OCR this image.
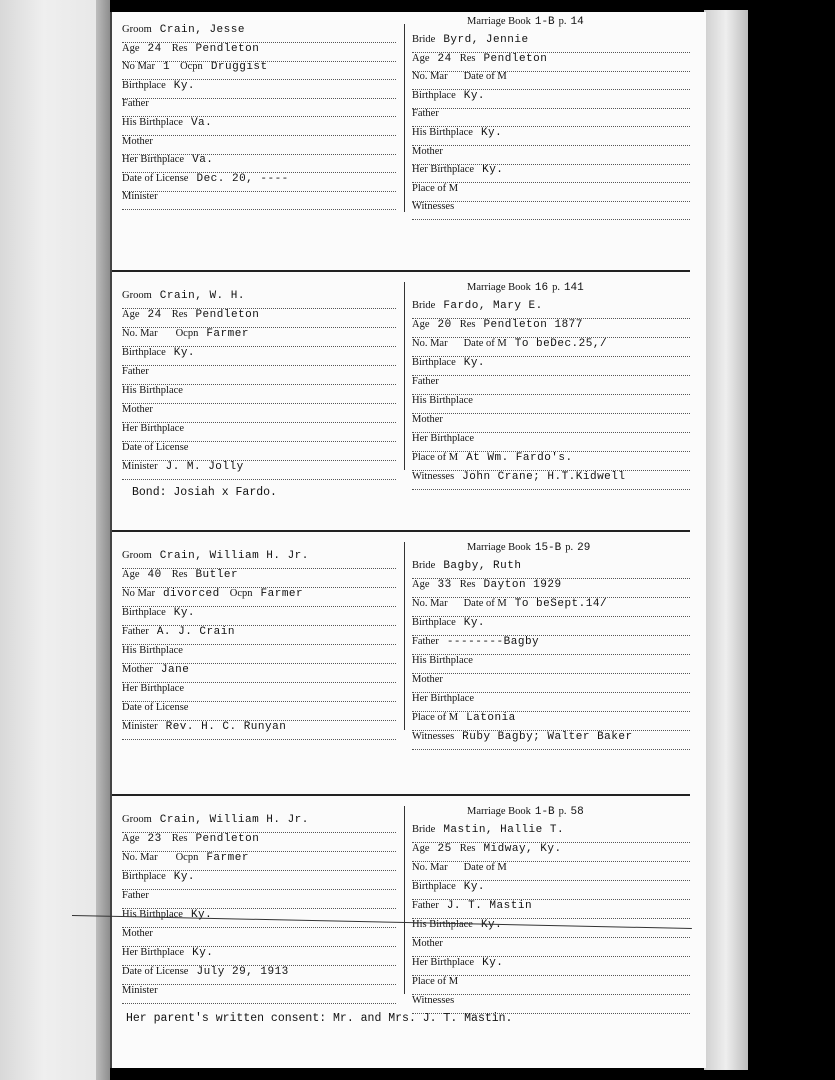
Groom Crain, Jesse
Age 24 Res Pendleton
No Mar 1 Ocpn Druggist
Birthplace Ky.
Father
His Birthplace Va.
Mother
Her Birthplace Va.
Date of License Dec. 20, ----
Minister
Marriage Book 1-B p. 14
Bride Byrd, Jennie
Age 24 Res Pendleton
No. Mar Date of M
Birthplace Ky.
Father
His Birthplace Ky.
Mother
Her Birthplace Ky.
Place of M
Witnesses
Groom Crain, W. H.
Age 24 Res Pendleton
No. Mar Ocpn Farmer
Birthplace Ky.
Father
His Birthplace
Mother
Her Birthplace
Date of License
Minister J. M. Jolly
Marriage Book 16 p. 141
Bride Fardo, Mary E.
Age 20 Res Pendleton 1877
No. Mar Date of M To beDec.25,/
Birthplace Ky.
Father
His Birthplace
Mother
Her Birthplace
Place of M At Wm. Fardo's.
Witnesses John Crane; H.T.Kidwell
Bond: Josiah x Fardo.
Groom Crain, William H. Jr.
Age 40 Res Butler
No Mar divorced Ocpn Farmer
Birthplace Ky.
Father A. J. Crain
His Birthplace
Mother Jane
Her Birthplace
Date of License
Minister Rev. H. C. Runyan
Marriage Book 15-B p. 29
Bride Bagby, Ruth
Age 33 Res Dayton 1929
No. Mar Date of M To beSept.14/
Birthplace Ky.
Father --------Bagby
His Birthplace
Mother
Her Birthplace
Place of M Latonia
Witnesses Ruby Bagby; Walter Baker
Groom Crain, William H. Jr.
Age 23 Res Pendleton
No. Mar Ocpn Farmer
Birthplace Ky.
Father
His Birthplace Ky.
Mother
Her Birthplace Ky.
Date of License July 29, 1913
Minister
Marriage Book 1-B p. 58
Bride Mastin, Hallie T.
Age 25 Res Midway, Ky.
No. Mar Date of M
Birthplace Ky.
Father J. T. Mastin
His Birthplace Ky.
Mother
Her Birthplace Ky.
Place of M
Witnesses
Her parent's written consent: Mr. and Mrs. J. T. Mastin.
